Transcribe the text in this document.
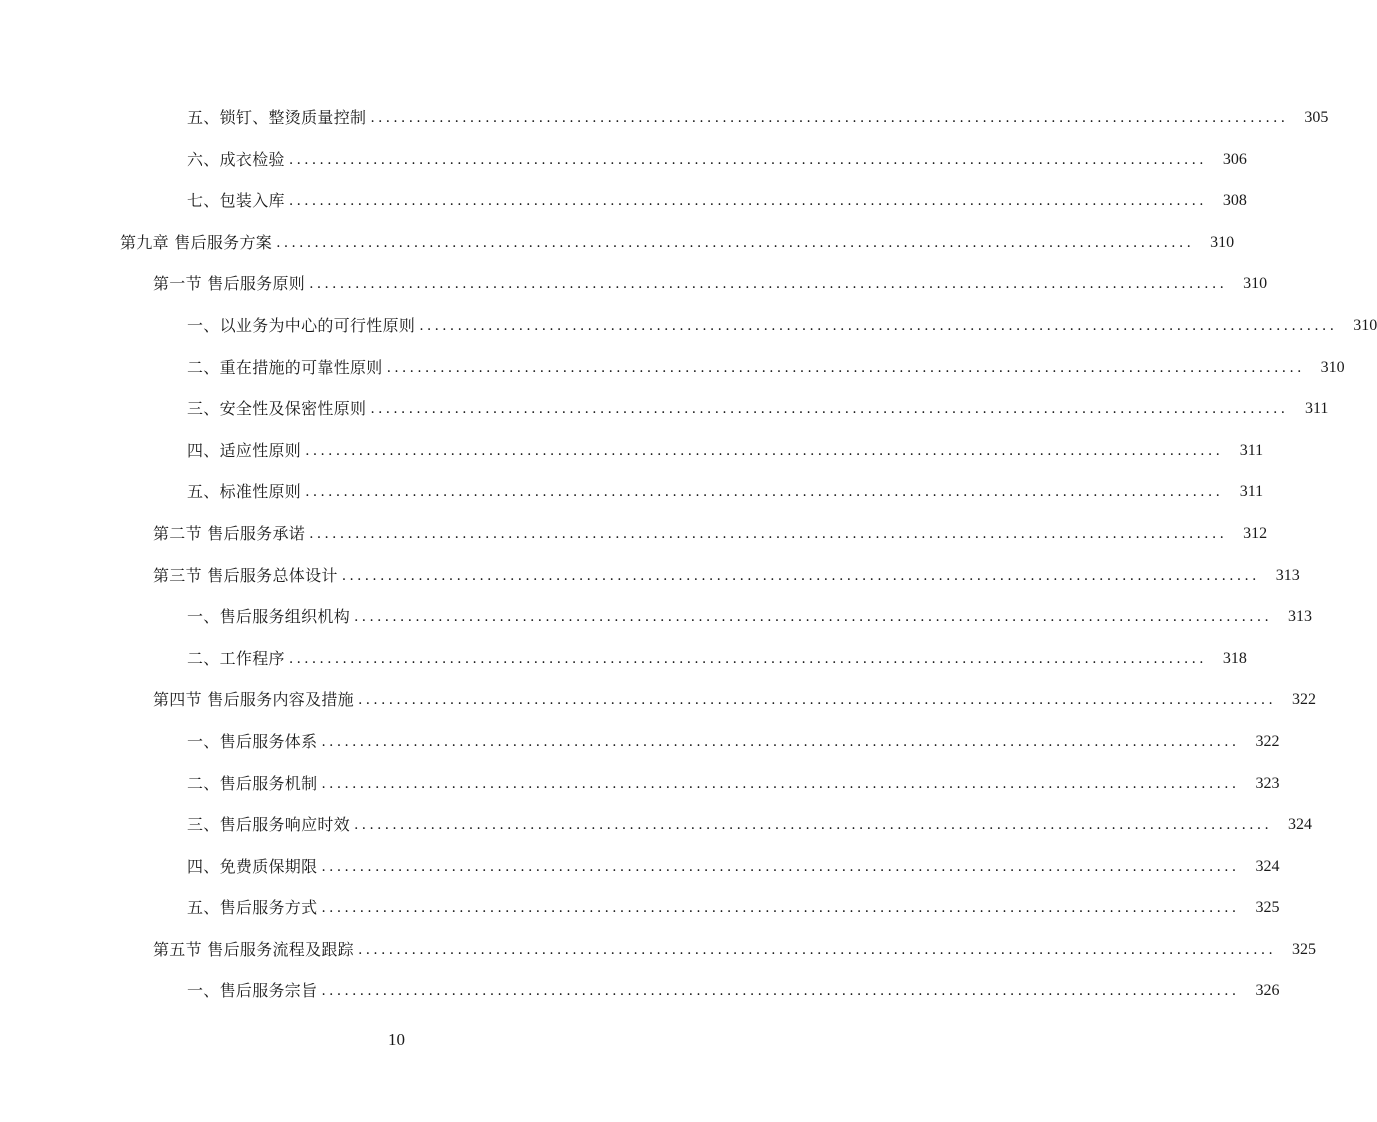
五、锁钉、整烫质量控制 ........................................................................................................................	305
六、成衣检验 ........................................................................................................................	306
七、包装入库 ........................................................................................................................	308
第九章 售后服务方案 ........................................................................................................................	310
第一节 售后服务原则 ........................................................................................................................	310
一、以业务为中心的可行性原则 ........................................................................................................................	310
二、重在措施的可靠性原则 ........................................................................................................................	310
三、安全性及保密性原则 ........................................................................................................................	311
四、适应性原则 ........................................................................................................................	311
五、标准性原则 ........................................................................................................................	311
第二节 售后服务承诺 ........................................................................................................................	312
第三节 售后服务总体设计 ........................................................................................................................	313
一、售后服务组织机构 ........................................................................................................................	313
二、工作程序 ........................................................................................................................	318
第四节 售后服务内容及措施 ........................................................................................................................	322
一、售后服务体系 ........................................................................................................................	322
二、售后服务机制 ........................................................................................................................	323
三、售后服务响应时效 ........................................................................................................................	324
四、免费质保期限 ........................................................................................................................	324
五、售后服务方式 ........................................................................................................................	325
第五节 售后服务流程及跟踪 ........................................................................................................................	325
一、售后服务宗旨 ........................................................................................................................	326
10
